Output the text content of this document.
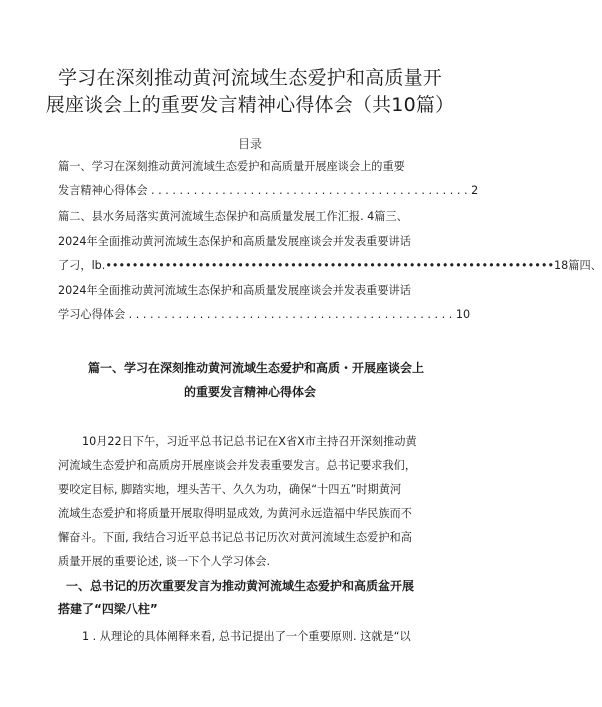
学习在深刻推动黄河流域生态爱护和高质量开
展座谈会上的重要发言精神心得体会（共10篇）
目录
篇一、学习在深刻推动黄河流域生态爱护和高质量开展座谈会上的重要
发言精神心得体会 . . . . . . . . . . . . . . . . . . . . . . . . . . . . . . . . . . . . . . . . . . . . . 2
篇二、县水务局落实黄河流域生态保护和高质量发展工作汇报. 4篇三、
2024年全面推动黄河流域生态保护和高质量发展座谈会并发表重要讲话
了刁，lb.••••••••••••••••••••••••••••••••••••••••••••••••••••••••••••••••••••18篇四、
2024年全面推动黄河流域生态保护和高质量发展座谈会并发表重要讲话
学习心得体会 . . . . . . . . . . . . . . . . . . . . . . . . . . . . . . . . . . . . . . . . . . . . . . 10
篇一、学习在深刻推动黄河流域生态爱护和高质・开展座谈会上
的重要发言精神心得体会
10月22日下午，习近平总书记总书记在X省X市主持召开深刻推动黄
河流域生态爱护和高质房开展座谈会并发表重要发言。总书记要求我们，
要咬定目标, 脚踏实地，埋头苦干、久久为功，确保“十四五”时期黄河
流域生态爱护和将质量开展取得明显成效, 为黄河永远造福中华民族而不
懈奋斗。下面, 我结合习近平总书记总书记历次对黄河流域生态爱护和高
质量开展的重要论述, 谈一下个人学习体会.
一、总书记的历次重要发言为推动黄河流域生态爱护和高质盆开展
搭建了“四梁八柱”
1 . 从理论的具体阐释来看, 总书记提出了一个重要原则. 这就是“以
